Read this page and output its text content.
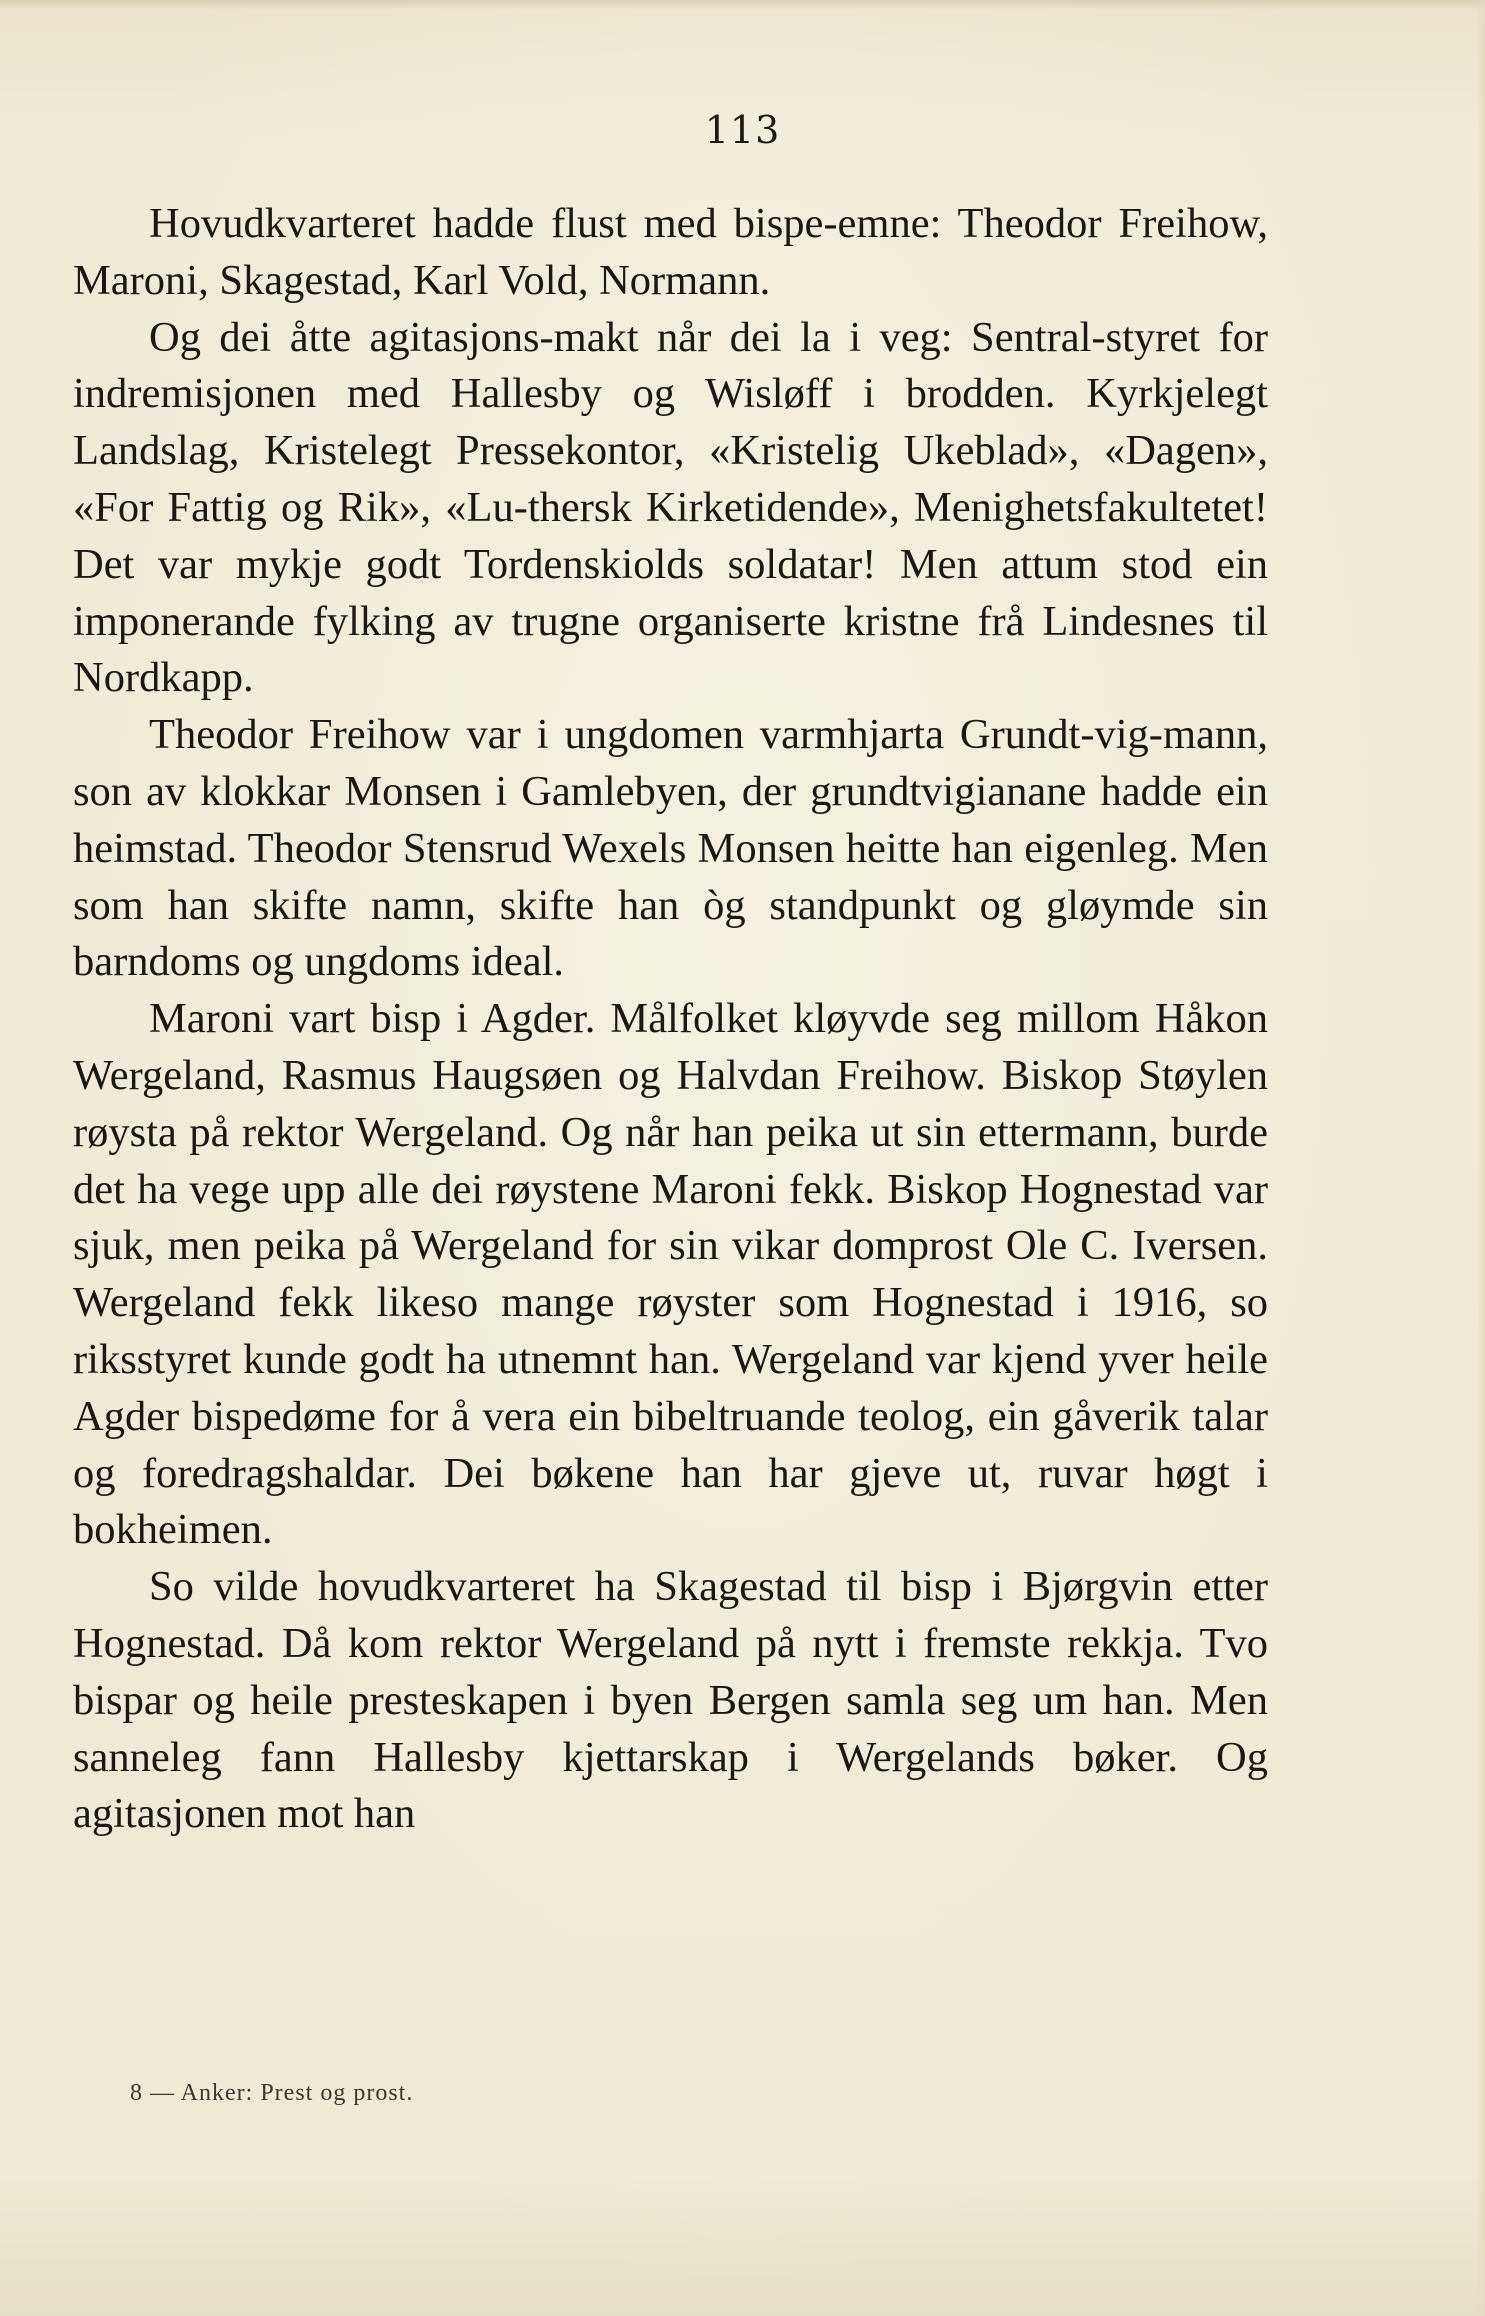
113

Hovudkvarteret hadde flust med bispe-emne: Theodor Freihow, Maroni, Skagestad, Karl Vold, Normann.

Og dei åtte agitasjons-makt når dei la i veg: Sentral-styret for indremisjonen med Hallesby og Wisløff i brodden. Kyrkjelegt Landslag, Kristelegt Pressekontor, «Kristelig Ukeblad», «Dagen», «For Fattig og Rik», «Lu-thersk Kirketidende», Menighetsfakultetet! Det var mykje godt Tordenskiolds soldatar! Men attum stod ein imponerande fylking av trugne organiserte kristne frå Lindesnes til Nordkapp.

Theodor Freihow var i ungdomen varmhjarta Grundt-vig-mann, son av klokkar Monsen i Gamlebyen, der grundtvigianane hadde ein heimstad. Theodor Stensrud Wexels Monsen heitte han eigenleg. Men som han skifte namn, skifte han òg standpunkt og gløymde sin barndoms og ungdoms ideal.

Maroni vart bisp i Agder. Målfolket kløyvde seg millom Håkon Wergeland, Rasmus Haugsøen og Halvdan Freihow. Biskop Støylen røysta på rektor Wergeland. Og når han peika ut sin ettermann, burde det ha vege upp alle dei røystene Maroni fekk. Biskop Hognestad var sjuk, men peika på Wergeland for sin vikar domprost Ole C. Iversen. Wergeland fekk likeso mange røyster som Hognestad i 1916, so riksstyret kunde godt ha utnemnt han. Wergeland var kjend yver heile Agder bispedøme for å vera ein bibeltruande teolog, ein gåverik talar og foredragshaldar. Dei bøkene han har gjeve ut, ruvar høgt i bokheimen.

So vilde hovudkvarteret ha Skagestad til bisp i Bjørgvin etter Hognestad. Då kom rektor Wergeland på nytt i fremste rekkja. Tvo bispar og heile presteskapen i byen Bergen samla seg um han. Men sanneleg fann Hallesby kjettarskap i Wergelands bøker. Og agitasjonen mot han

8 — Anker: Prest og prost.
